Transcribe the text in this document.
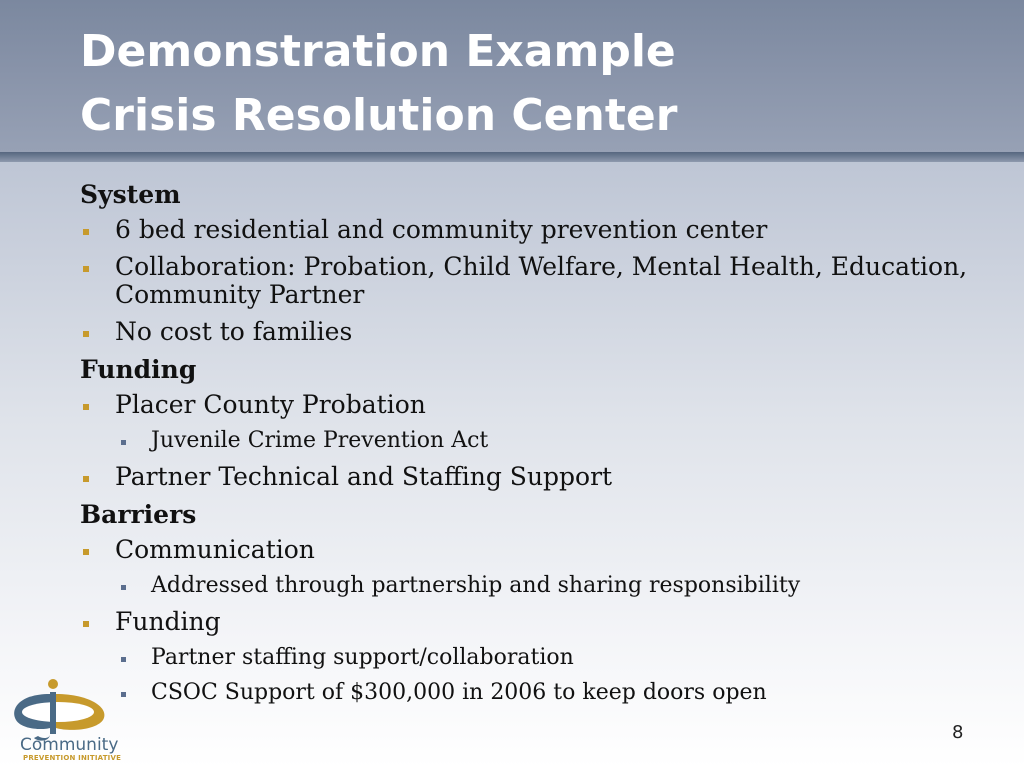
Demonstration Example
Crisis Resolution Center
System
6 bed residential and community prevention center
Collaboration: Probation, Child Welfare, Mental Health, Education, Community Partner
No cost to families
Funding
Placer County Probation
Juvenile Crime Prevention Act
Partner Technical and Staffing Support
Barriers
Communication
Addressed through partnership and sharing responsibility
Funding
Partner staffing support/collaboration
CSOC Support of $300,000 in 2006 to keep doors open
Community
PREVENTION INITIATIVE
8
